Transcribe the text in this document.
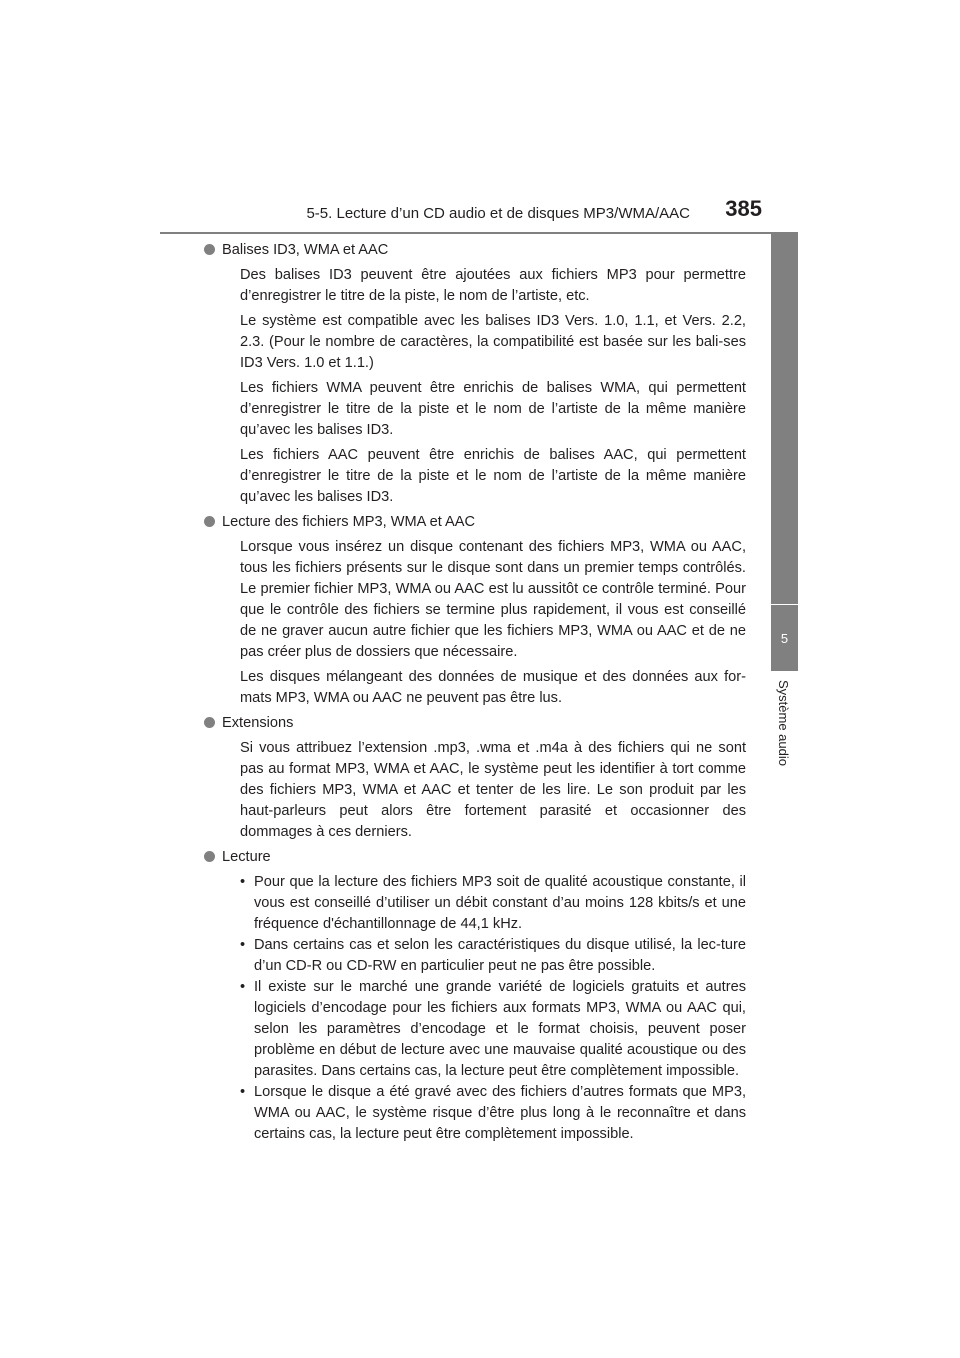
5-5. Lecture d’un CD audio et de disques MP3/WMA/AAC	385
5
Système audio
Balises ID3, WMA et AAC

Des balises ID3 peuvent être ajoutées aux fichiers MP3 pour permettre d’enregistrer le titre de la piste, le nom de l’artiste, etc.

Le système est compatible avec les balises ID3 Vers. 1.0, 1.1, et Vers. 2.2, 2.3. (Pour le nombre de caractères, la compatibilité est basée sur les bali-ses ID3 Vers. 1.0 et 1.1.)

Les fichiers WMA peuvent être enrichis de balises WMA, qui permettent d’enregistrer le titre de la piste et le nom de l’artiste de la même manière qu’avec les balises ID3.

Les fichiers AAC peuvent être enrichis de balises AAC, qui permettent d’enregistrer le titre de la piste et le nom de l’artiste de la même manière qu’avec les balises ID3.

Lecture des fichiers MP3, WMA et AAC

Lorsque vous insérez un disque contenant des fichiers MP3, WMA ou AAC, tous les fichiers présents sur le disque sont dans un premier temps contrôlés. Le premier fichier MP3, WMA ou AAC est lu aussitôt ce contrôle terminé. Pour que le contrôle des fichiers se termine plus rapidement, il vous est conseillé de ne graver aucun autre fichier que les fichiers MP3, WMA ou AAC et de ne pas créer plus de dossiers que nécessaire.

Les disques mélangeant des données de musique et des données aux for-mats MP3, WMA ou AAC ne peuvent pas être lus.

Extensions

Si vous attribuez l’extension .mp3, .wma et .m4a à des fichiers qui ne sont pas au format MP3, WMA et AAC, le système peut les identifier à tort comme des fichiers MP3, WMA et AAC et tenter de les lire. Le son produit par les haut-parleurs peut alors être fortement parasité et occasionner des dommages à ces derniers.

Lecture
• Pour que la lecture des fichiers MP3 soit de qualité acoustique constante, il vous est conseillé d’utiliser un débit constant d’au moins 128 kbits/s et une fréquence d'échantillonnage de 44,1 kHz.
• Dans certains cas et selon les caractéristiques du disque utilisé, la lec-ture d’un CD-R ou CD-RW en particulier peut ne pas être possible.
• Il existe sur le marché une grande variété de logiciels gratuits et autres logiciels d’encodage pour les fichiers aux formats MP3, WMA ou AAC qui, selon les paramètres d’encodage et le format choisis, peuvent poser problème en début de lecture avec une mauvaise qualité acoustique ou des parasites. Dans certains cas, la lecture peut être complètement impossible.
• Lorsque le disque a été gravé avec des fichiers d’autres formats que MP3, WMA ou AAC, le système risque d’être plus long à le reconnaître et dans certains cas, la lecture peut être complètement impossible.
